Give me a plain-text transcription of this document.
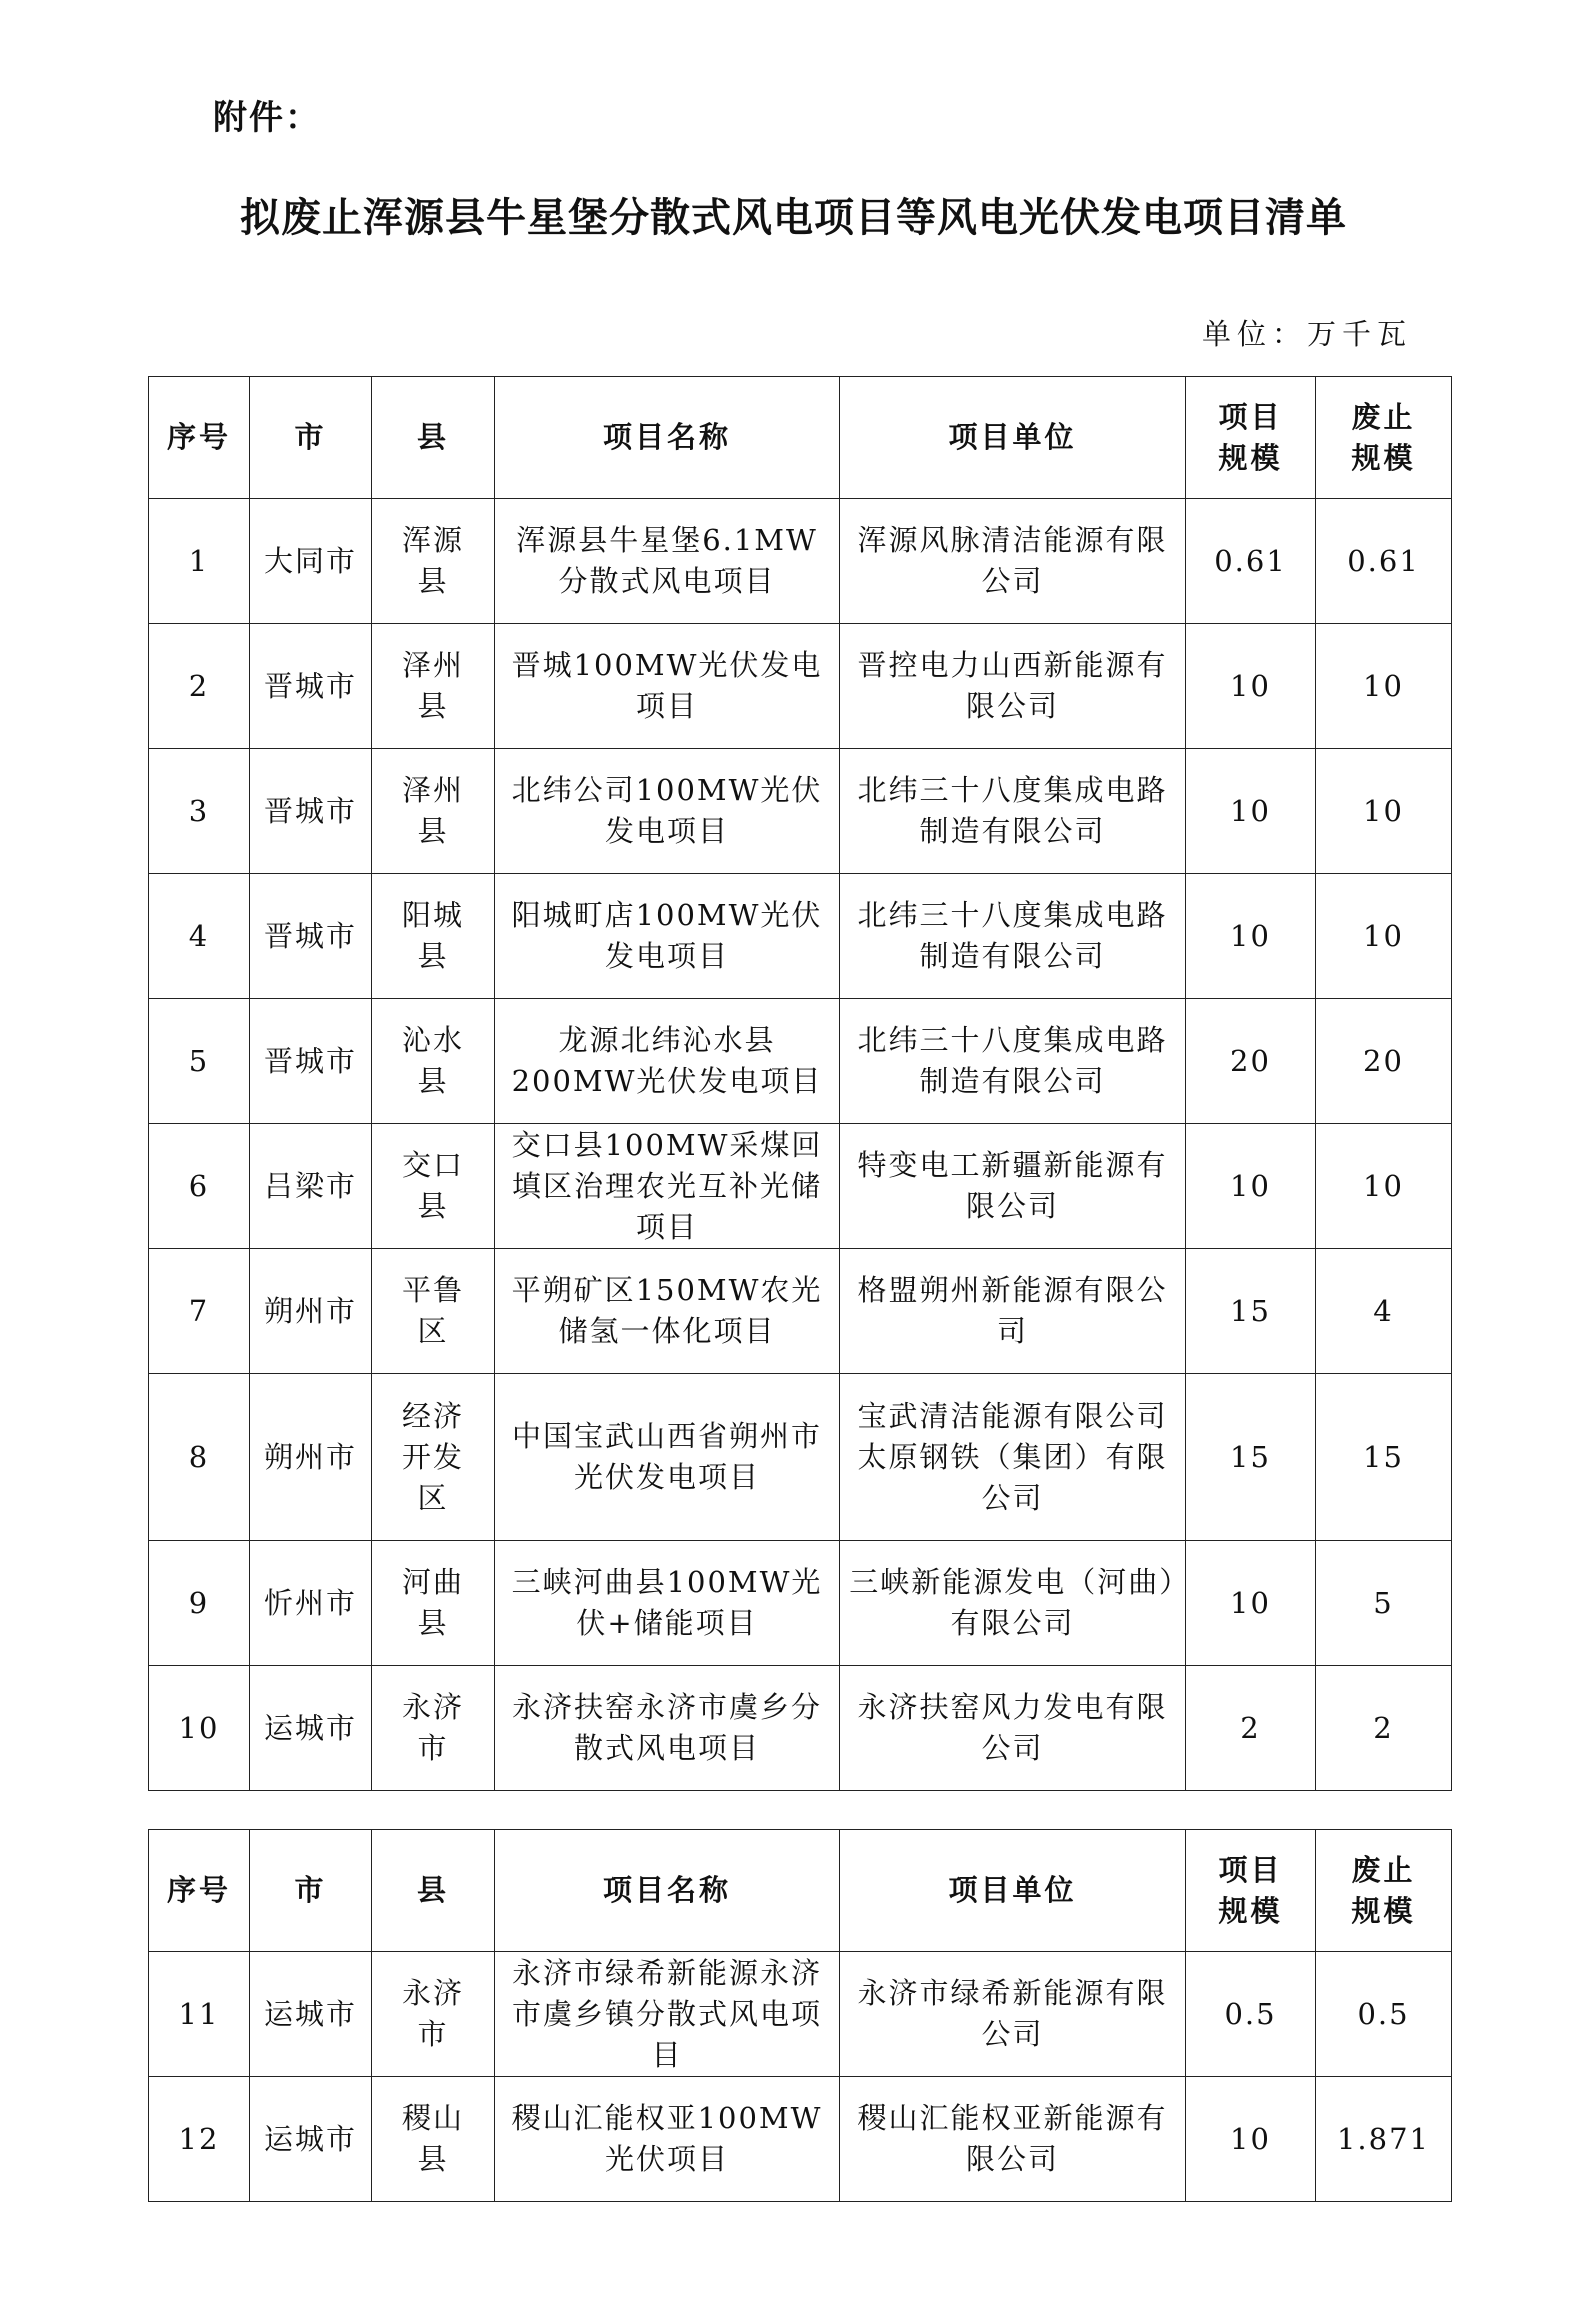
附件：
拟废止浑源县牛星堡分散式风电项目等风电光伏发电项目清单
单位：万千瓦
序号	市	县	项目名称	项目单位	项目规模	废止规模
1	大同市	浑源县	浑源县牛星堡6.1MW分散式风电项目	浑源风脉清洁能源有限公司	0.61	0.61
2	晋城市	泽州县	晋城100MW光伏发电项目	晋控电力山西新能源有限公司	10	10
3	晋城市	泽州县	北纬公司100MW光伏发电项目	北纬三十八度集成电路制造有限公司	10	10
4	晋城市	阳城县	阳城町店100MW光伏发电项目	北纬三十八度集成电路制造有限公司	10	10
5	晋城市	沁水县	龙源北纬沁水县200MW光伏发电项目	北纬三十八度集成电路制造有限公司	20	20
6	吕梁市	交口县	交口县100MW采煤回填区治理农光互补光储项目	特变电工新疆新能源有限公司	10	10
7	朔州市	平鲁区	平朔矿区150MW农光储氢一体化项目	格盟朔州新能源有限公司	15	4
8	朔州市	经济开发区	中国宝武山西省朔州市光伏发电项目	宝武清洁能源有限公司
太原钢铁（集团）有限公司	15	15
9	忻州市	河曲县	三峡河曲县100MW光伏+储能项目	三峡新能源发电（河曲）有限公司	10	5
10	运城市	永济市	永济扶窑永济市虞乡分散式风电项目	永济扶窑风力发电有限公司	2	2
序号	市	县	项目名称	项目单位	项目规模	废止规模
11	运城市	永济市	永济市绿希新能源永济市虞乡镇分散式风电项目	永济市绿希新能源有限公司	0.5	0.5
12	运城市	稷山县	稷山汇能权亚100MW光伏项目	稷山汇能权亚新能源有限公司	10	1.871
